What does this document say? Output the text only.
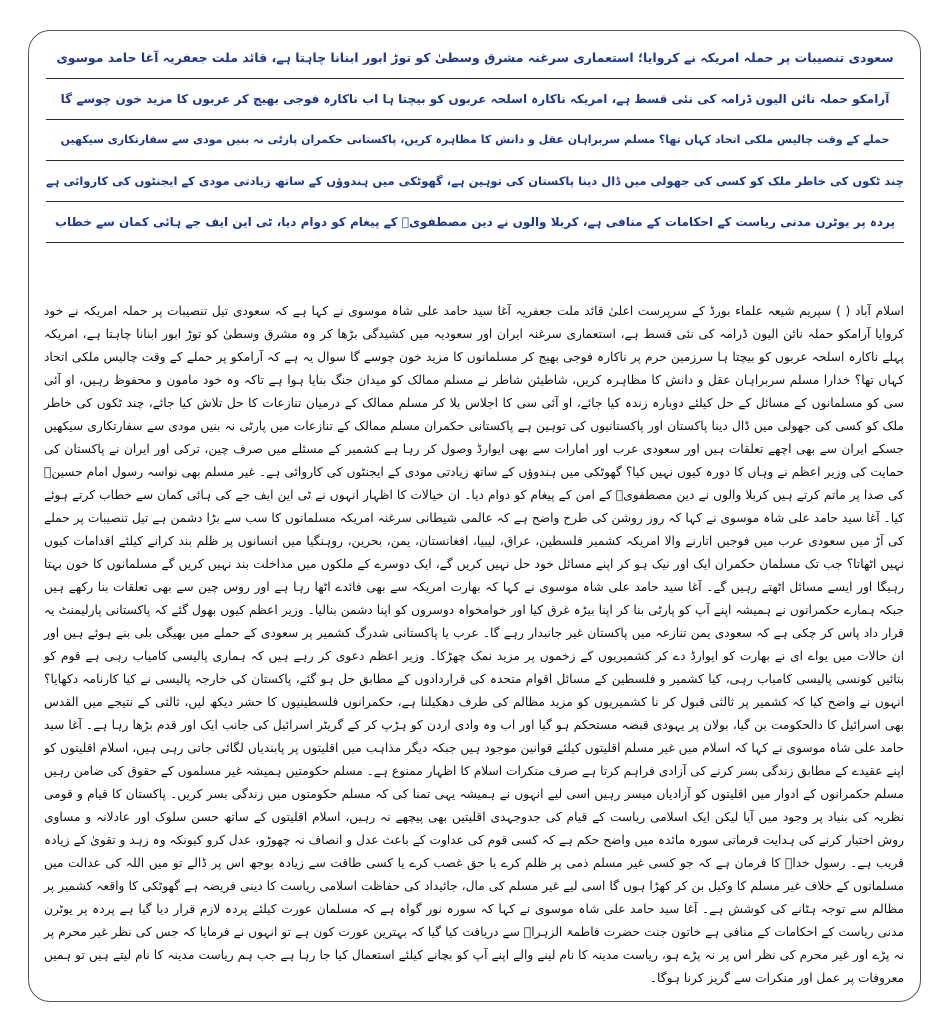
سعودی تنصیبات پر حملہ امریکہ نے کروایا؛ استعماری سرغنہ مشرق وسطیٰ کو توڑ ابور ابنانا چاہتا ہے، قائد ملت جعفریہ آغا حامد موسوی
آرامکو حملہ نائن الیون ڈرامہ کی نئی قسط ہے، امریکہ ناکارہ اسلحہ عربوں کو بیچتا ہا اب ناکارہ فوجی بھیج کر عربوں کا مزید خون چوسے گا
حملے کے وقت چالیس ملکی اتحاد کہاں تھا؟ مسلم سربراہان عقل و دانش کا مظاہرہ کریں، پاکستانی حکمران پارٹی نہ بنیں مودی سے سفارتکاری سیکھیں
چند ٹکوں کی خاطر ملک کو کسی کی جھولی میں ڈال دینا پاکستان کی توہین ہے، گھوٹکی میں ہندوؤں کے ساتھ زیادتی مودی کے ایجنٹوں کی کاروائی ہے
پردہ پر یوٹرن مدنی ریاست کے احکامات کے منافی ہے، کربلا والوں نے دین مصطفویؐ کے پیغام کو دوام دیا، ٹی این ایف جے ہائی کمان سے خطاب

اسلام آباد ( ) سپریم شیعہ علماء بورڈ کے سرپرست اعلیٰ قائد ملت جعفریہ آغا سید حامد علی شاہ موسوی نے کہا ہے کہ سعودی تیل تنصیبات پر حملہ امریکہ نے خود کروایا آرامکو حملہ نائن الیون ڈرامہ کی نئی قسط ہے، استعماری سرغنہ ایران اور سعودیہ میں کشیدگی بڑھا کر وہ مشرق وسطیٰ کو توڑ ابور ابنانا چاہتا ہے، امریکہ پہلے ناکارہ اسلحہ عربوں کو بیچتا ہا سرزمین حرم پر ناکارہ فوجی بھیج کر مسلمانوں کا مزید خون چوسے گا سوال یہ ہے کہ آرامکو پر حملے کے وقت چالیس ملکی اتحاد کہاں تھا؟ خدارا مسلم سربراہان عقل و دانش کا مظاہرہ کریں، شاطیئن شاطر نے مسلم ممالک کو میدان جنگ بنایا ہوا ہے تاکہ وہ خود مامون و محفوظ رہیں، او آئی سی کو مسلمانوں کے مسائل کے حل کیلئے دوبارہ زندہ کیا جائے، او آئی سی کا اجلاس بلا کر مسلم ممالک کے درمیان تنازعات کا حل تلاش کیا جائے، چند ٹکوں کی خاطر ملک کو کسی کی جھولی میں ڈال دینا پاکستان اور پاکستانیوں کی توہین ہے پاکستانی حکمران مسلم ممالک کے تنازعات میں پارٹی نہ بنیں مودی سے سفارتکاری سیکھیں جسکے ایران سے بھی اچھے تعلقات ہیں اور سعودی عرب اور امارات سے بھی ایوارڈ وصول کر رہا ہے کشمیر کے مسئلے میں صرف چین، ترکی اور ایران نے پاکستان کی حمایت کی وزیر اعظم نے وہاں کا دورہ کیوں نہیں کیا؟ گھوٹکی میں ہندوؤں کے ساتھ زیادتی مودی کے ایجنٹوں کی کاروائی ہے۔ غیر مسلم بھی نواسہ رسول امام حسینؑ کی صدا پر ماتم کرتے ہیں کربلا والوں نے دین مصطفویؐ کے امن کے پیغام کو دوام دیا۔ ان خیالات کا اظہار انہوں نے ٹی این ایف جے کی ہائی کمان سے خطاب کرتے ہوئے کیا۔ آغا سید حامد علی شاہ موسوی نے کہا کہ روز روشن کی طرح واضح ہے کہ عالمی شیطانی سرغنہ امریکہ مسلمانوں کا سب سے بڑا دشمن ہے تیل تنصیبات پر حملے کی آڑ میں سعودی عرب میں فوجیں اتارنے والا امریکہ کشمیر فلسطین، عراق، لیبیا، افغانستان، یمن، بحرین، روہنگیا میں انسانوں پر ظلم بند کرانے کیلئے اقدامات کیوں نہیں اٹھاتا؟ جب تک مسلمان حکمران ایک اور نیک ہو کر اپنے مسائل خود حل نہیں کریں گے، ایک دوسرے کے ملکوں میں مداخلت بند نہیں کریں گے مسلمانوں کا خون بہتا رہیگا اور ایسے مسائل اٹھتے رہیں گے۔ آغا سید حامد علی شاہ موسوی نے کہا کہ بھارت امریکہ سے بھی فائدے اٹھا رہا ہے اور روس چین سے بھی تعلقات بنا رکھے ہیں جبکہ ہمارے حکمرانوں نے ہمیشہ اپنے آپ کو پارٹی بنا کر اپنا بیڑہ غرق کیا اور خوامخواہ دوسروں کو اپنا دشمن بنالیا۔ وزیر اعظم کیوں بھول گئے کہ پاکستانی پارلیمنٹ یہ قرار داد پاس کر چکی ہے کہ سعودی یمن تنازعہ میں پاکستان غیر جانبدار رہے گا۔ عرب یا پاکستانی شدرگ کشمیر پر سعودی کے حملے میں بھیگی بلی بنے ہوئے ہیں اور ان حالات میں یواے ای نے بھارت کو ایوارڈ دے کر کشمیریوں کے زخموں پر مزید نمک چھڑکا۔ وزیر اعظم دعوی کر رہے ہیں کہ ہماری پالیسی کامیاب رہی ہے قوم کو بتائیں کونسی پالیسی کامیاب رہی، کیا کشمیر و فلسطین کے مسائل اقوام متحدہ کی قراردادوں کے مطابق حل ہو گئے، پاکستان کی خارجہ پالیسی نے کیا کارنامہ دکھایا؟ انہوں نے واضح کیا کہ کشمیر پر ثالثی قبول کر نا کشمیریوں کو مزید مظالم کی طرف دھکیلنا ہے، حکمرانوں فلسطینیوں کا حشر دیکھ لیں، ثالثی کے نتیجے میں القدس بھی اسرائیل کا دالحکومت بن گیا، بولان پر یہودی قبضہ مستحکم ہو گیا اور اب وہ وادی اردن کو ہڑپ کر کے گریٹر اسرائیل کی جانب ایک اور قدم بڑھا رہا ہے۔ آغا سید حامد علی شاہ موسوی نے کہا کہ اسلام میں غیر مسلم اقلیتوں کیلئے قوانین موجود ہیں جبکہ دیگر مذاہب میں اقلیتوں پر پابندیاں لگائی جاتی رہی ہیں، اسلام اقلیتوں کو اپنے عقیدے کے مطابق زندگی بسر کرنے کی آزادی فراہم کرتا ہے صرف منکرات اسلام کا اظہار ممنوع ہے۔ مسلم حکومتیں ہمیشہ غیر مسلموں کے حقوق کی ضامن رہیں مسلم حکمرانوں کے ادوار میں اقلیتوں کو آزادیاں میسر رہیں اسی لیے انہوں نے ہمیشہ یہی تمنا کی کہ مسلم حکومتوں میں زندگی بسر کریں۔ پاکستان کا قیام و قومی نظریہ کی بنیاد پر وجود میں آیا لیکن ایک اسلامی ریاست کے قیام کی جدوجہدی اقلیتیں بھی پیچھے نہ رہیں، اسلام اقلیتوں کے ساتھ حسن سلوک اور عادلانہ و مساوی روش اختیار کرنے کی ہدایت فرماتی سورہ مائدہ میں واضح حکم ہے کہ کسی قوم کی عداوت کے باعث عدل و انصاف نہ چھوڑو، عدل کرو کیونکہ وہ زہد و تقویٰ کے زیادہ قریب ہے۔ رسول خداؐ کا فرمان ہے کہ جو کسی غیر مسلم ذمی پر ظلم کرے یا حق غصب کرے یا کسی طاقت سے زیادہ بوجھ اس پر ڈالے تو میں اللہ کی عدالت میں مسلمانوں کے خلاف غیر مسلم کا وکیل بن کر کھڑا ہوں گا اسی لیے غیر مسلم کی مال، جائیداد کی حفاظت اسلامی ریاست کا دینی فریضہ ہے گھوٹکی کا واقعہ کشمیر پر مظالم سے توجہ ہٹانے کی کوشش ہے۔ آغا سید حامد علی شاہ موسوی نے کہا کہ سورہ نور گواہ ہے کہ مسلمان عورت کیلئے پردہ لازم قرار دیا گیا ہے پردہ پر یوٹرن مدنی ریاست کے احکامات کے منافی ہے خاتون جنت حضرت فاطمۃ الزہراؑ سے دریافت کیا گیا کہ بہترین عورت کون ہے تو انہوں نے فرمایا کہ جس کی نظر غیر محرم پر نہ پڑے اور غیر محرم کی نظر اس پر نہ پڑے ہو، ریاست مدینہ کا نام لینے والے اپنے آپ کو بچانے کیلئے استعمال کیا جا رہا ہے جب ہم ریاست مدینہ کا نام لیتے ہیں تو ہمیں معروفات پر عمل اور منکرات سے گریز کرنا ہوگا۔
